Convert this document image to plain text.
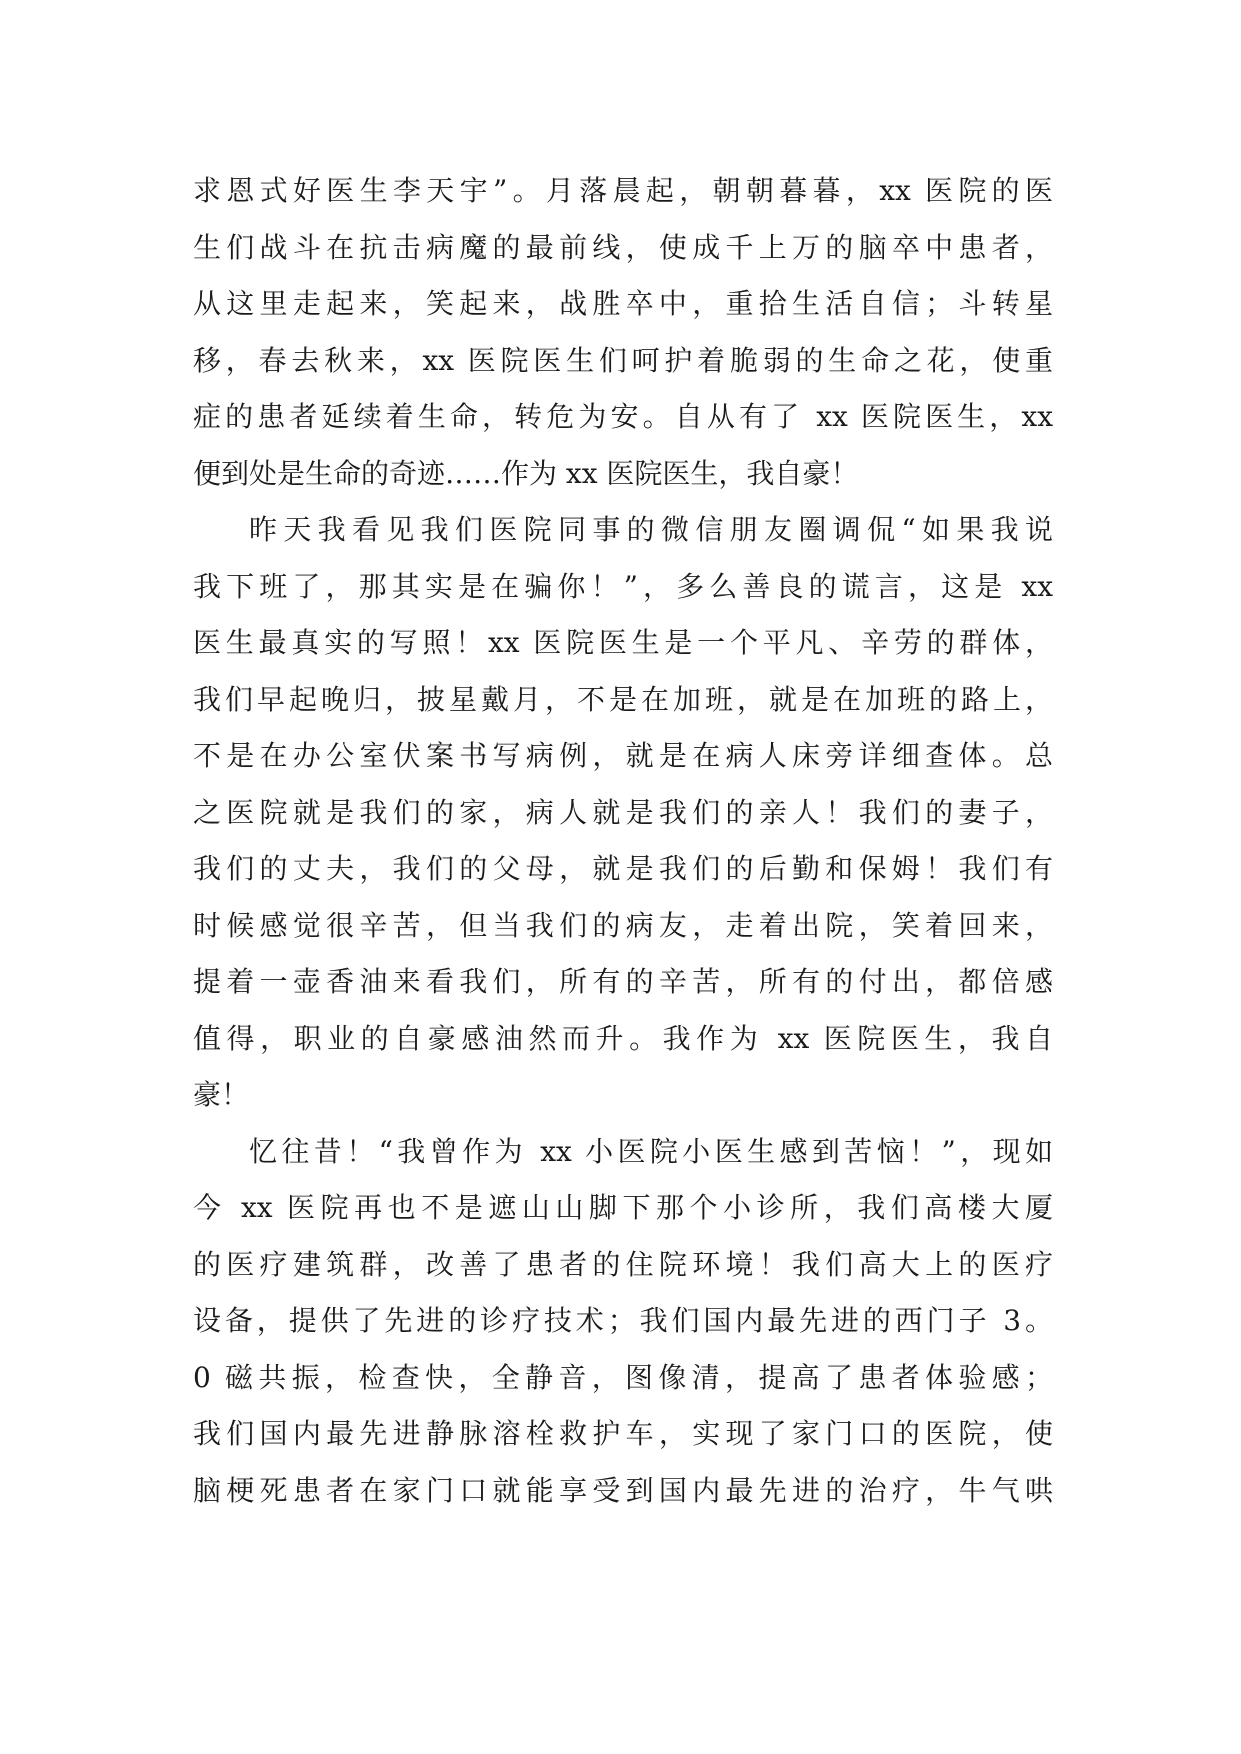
求恩式好医生李天宇”。月落晨起，朝朝暮暮，xx 医院的医
生们战斗在抗击病魔的最前线，使成千上万的脑卒中患者，
从这里走起来，笑起来，战胜卒中，重拾生活自信；斗转星
移，春去秋来，xx 医院医生们呵护着脆弱的生命之花，使重
症的患者延续着生命，转危为安。自从有了 xx 医院医生，xx
便到处是生命的奇迹……作为 xx 医院医生，我自豪！
昨天我看见我们医院同事的微信朋友圈调侃“如果我说
我下班了，那其实是在骗你！”，多么善良的谎言，这是 xx
医生最真实的写照！xx 医院医生是一个平凡、辛劳的群体，
我们早起晚归，披星戴月，不是在加班，就是在加班的路上，
不是在办公室伏案书写病例，就是在病人床旁详细查体。总
之医院就是我们的家，病人就是我们的亲人！我们的妻子，
我们的丈夫，我们的父母，就是我们的后勤和保姆！我们有
时候感觉很辛苦，但当我们的病友，走着出院，笑着回来，
提着一壶香油来看我们，所有的辛苦，所有的付出，都倍感
值得，职业的自豪感油然而升。我作为 xx 医院医生，我自
豪！
忆往昔！“我曾作为 xx 小医院小医生感到苦恼！”，现如
今 xx 医院再也不是遮山山脚下那个小诊所，我们高楼大厦
的医疗建筑群，改善了患者的住院环境！我们高大上的医疗
设备，提供了先进的诊疗技术；我们国内最先进的西门子 3。
0 磁共振，检查快，全静音，图像清，提高了患者体验感；
我们国内最先进静脉溶栓救护车，实现了家门口的医院，使
脑梗死患者在家门口就能享受到国内最先进的治疗，牛气哄
